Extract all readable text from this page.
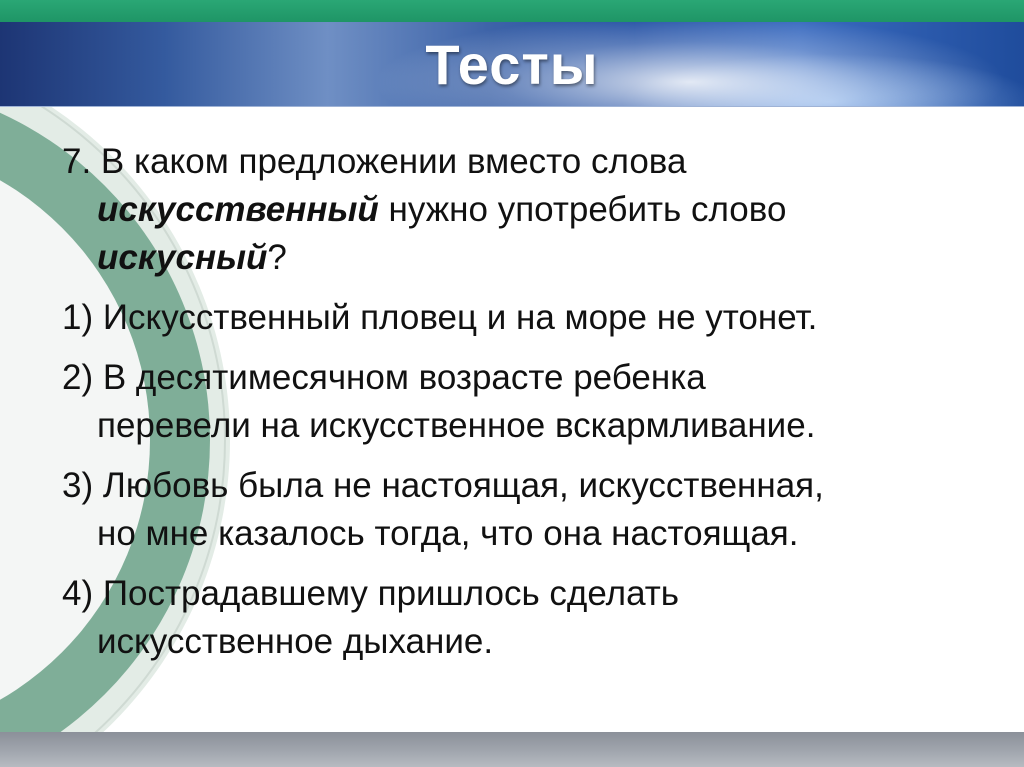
Тесты
7. В каком предложении вместо слова
искусственный нужно употребить слово
искусный?
1) Искусственный пловец и на море не утонет.
2) В десятимесячном возрасте ребенка
перевели на искусственное вскармливание.
3) Любовь была не настоящая, искусственная,
но мне казалось тогда, что она настоящая.
4) Пострадавшему пришлось сделать
искусственное дыхание.
